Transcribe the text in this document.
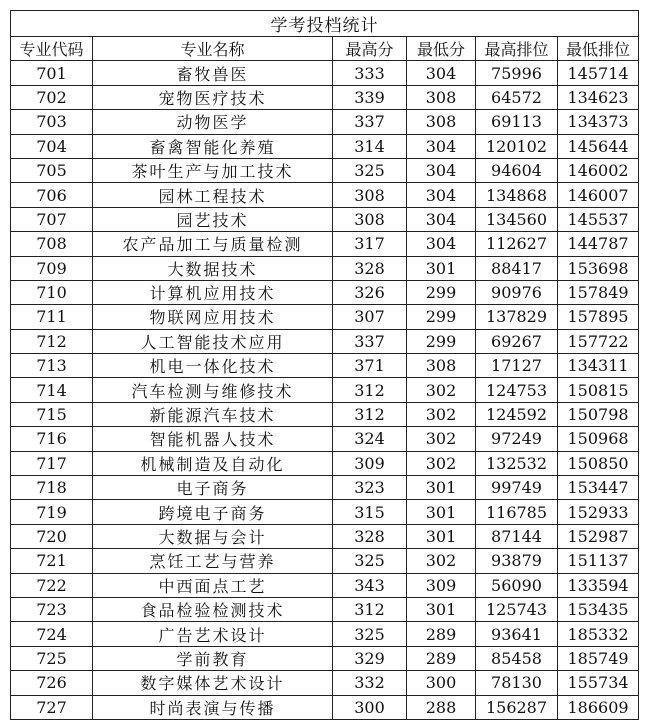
学考投档统计					
专业代码	专业名称	最高分	最低分	最高排位	最低排位
701	畜牧兽医	333	304	75996	145714
702	宠物医疗技术	339	308	64572	134623
703	动物医学	337	308	69113	134373
704	畜禽智能化养殖	314	304	120102	145644
705	茶叶生产与加工技术	325	304	94604	146002
706	园林工程技术	308	304	134868	146007
707	园艺技术	308	304	134560	145537
708	农产品加工与质量检测	317	304	112627	144787
709	大数据技术	328	301	88417	153698
710	计算机应用技术	326	299	90976	157849
711	物联网应用技术	307	299	137829	157895
712	人工智能技术应用	337	299	69267	157722
713	机电一体化技术	371	308	17127	134311
714	汽车检测与维修技术	312	302	124753	150815
715	新能源汽车技术	312	302	124592	150798
716	智能机器人技术	324	302	97249	150968
717	机械制造及自动化	309	302	132532	150850
718	电子商务	323	301	99749	153447
719	跨境电子商务	315	301	116785	152933
720	大数据与会计	328	301	87144	152987
721	烹饪工艺与营养	325	302	93879	151137
722	中西面点工艺	343	309	56090	133594
723	食品检验检测技术	312	301	125743	153435
724	广告艺术设计	325	289	93641	185332
725	学前教育	329	289	85458	185749
726	数字媒体艺术设计	332	300	78130	155734
727	时尚表演与传播	300	288	156287	186609
